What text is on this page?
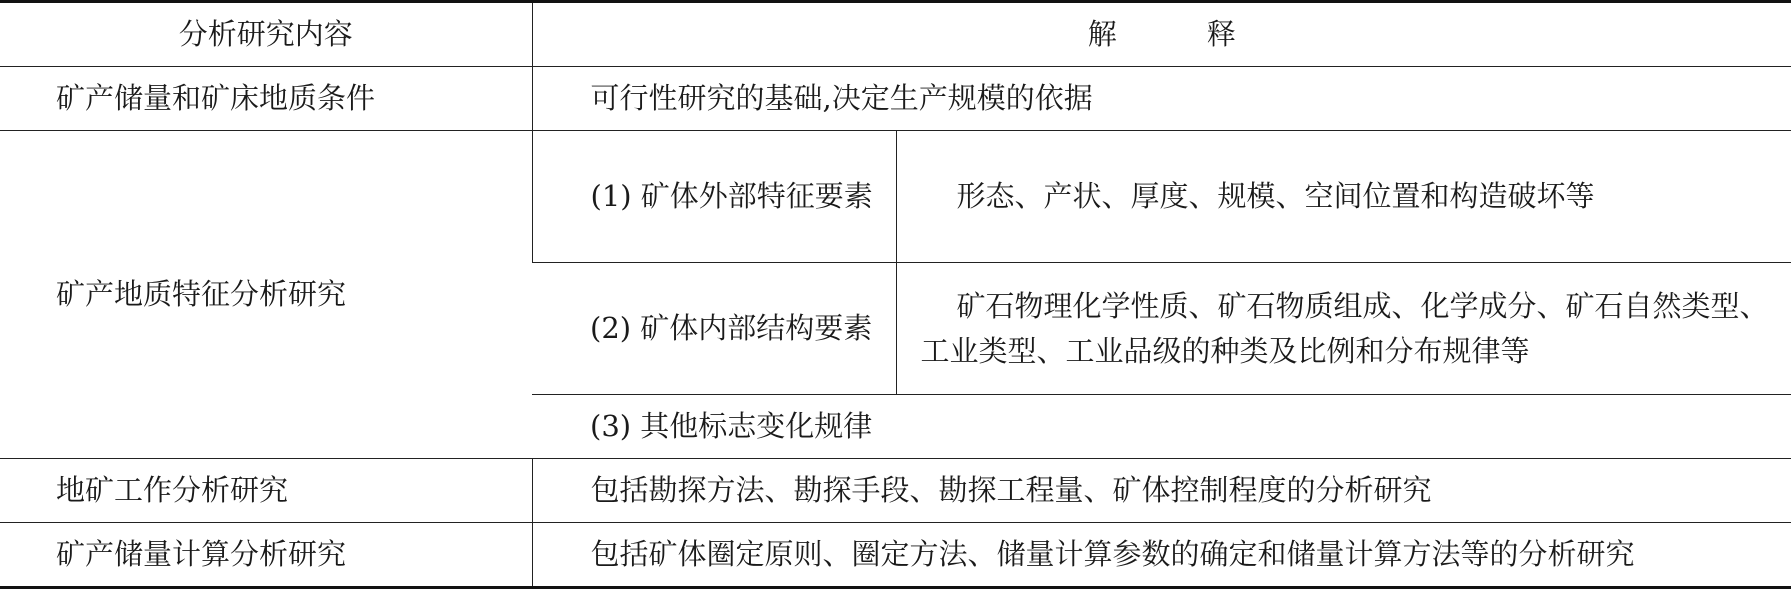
分析研究内容	解 释	
矿产储量和矿床地质条件	可行性研究的基础,决定生产规模的依据	
矿产地质特征分析研究	(1) 矿体外部特征要素	形态、产状、厚度、规模、空间位置和构造破坏等
	(2) 矿体内部结构要素	矿石物理化学性质、矿石物质组成、化学成分、矿石自然类型、工业类型、工业品级的种类及比例和分布规律等
	(3) 其他标志变化规律	
地矿工作分析研究	包括勘探方法、勘探手段、勘探工程量、矿体控制程度的分析研究	
矿产储量计算分析研究	包括矿体圈定原则、圈定方法、储量计算参数的确定和储量计算方法等的分析研究	
